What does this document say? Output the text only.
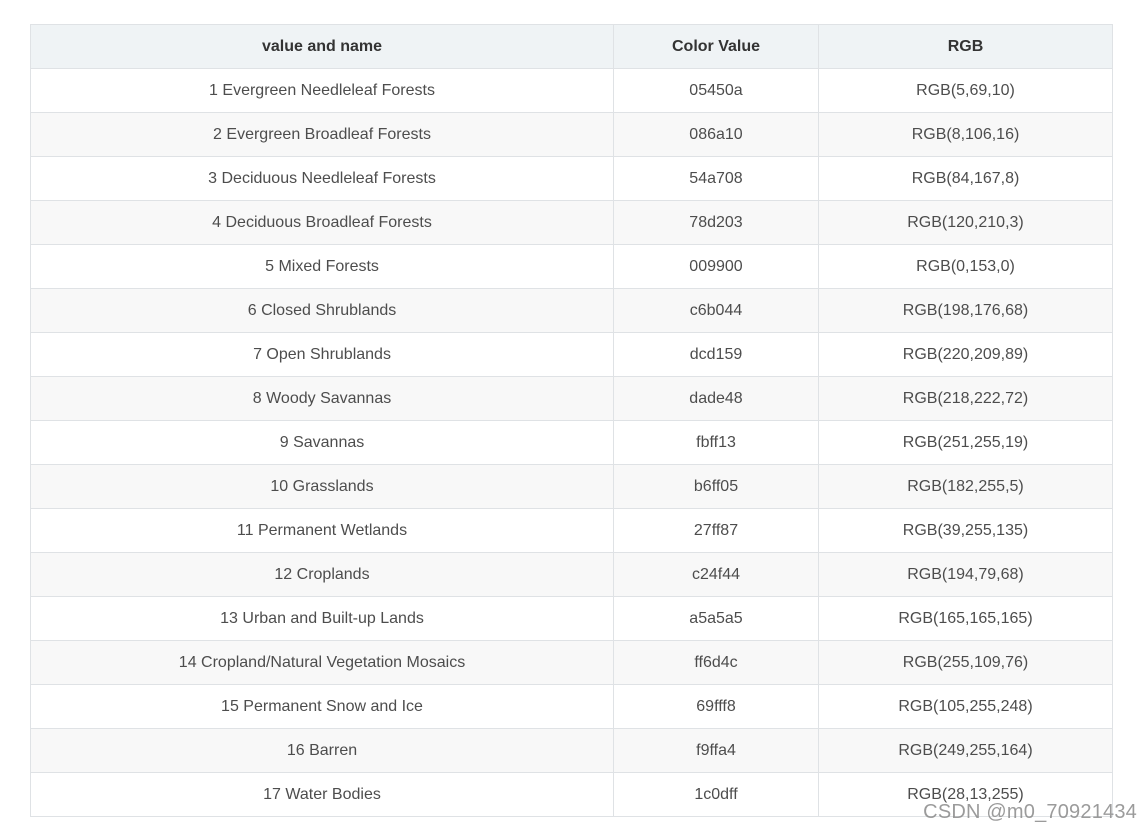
value and name	Color Value	RGB
1 Evergreen Needleleaf Forests	05450a	RGB(5,69,10)
2 Evergreen Broadleaf Forests	086a10	RGB(8,106,16)
3 Deciduous Needleleaf Forests	54a708	RGB(84,167,8)
4 Deciduous Broadleaf Forests	78d203	RGB(120,210,3)
5 Mixed Forests	009900	RGB(0,153,0)
6 Closed Shrublands	c6b044	RGB(198,176,68)
7 Open Shrublands	dcd159	RGB(220,209,89)
8 Woody Savannas	dade48	RGB(218,222,72)
9 Savannas	fbff13	RGB(251,255,19)
10 Grasslands	b6ff05	RGB(182,255,5)
11 Permanent Wetlands	27ff87	RGB(39,255,135)
12 Croplands	c24f44	RGB(194,79,68)
13 Urban and Built-up Lands	a5a5a5	RGB(165,165,165)
14 Cropland/Natural Vegetation Mosaics	ff6d4c	RGB(255,109,76)
15 Permanent Snow and Ice	69fff8	RGB(105,255,248)
16 Barren	f9ffa4	RGB(249,255,164)
17 Water Bodies	1c0dff	RGB(28,13,255)
CSDN @m0_70921434
